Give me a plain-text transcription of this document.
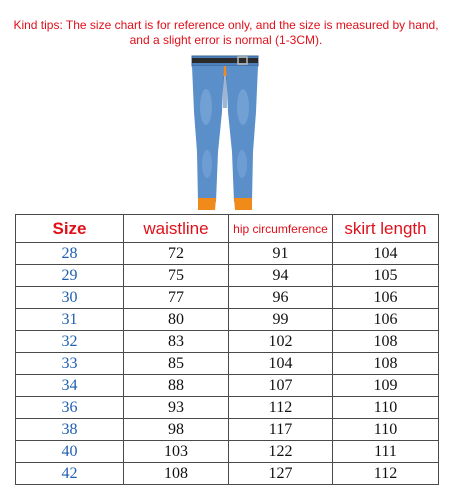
Kind tips: The size chart is for reference only, and the size is measured by hand,
and a slight error is normal (1-3CM).
Size	waistline	hip circumference	skirt length
28	72	91	104
29	75	94	105
30	77	96	106
31	80	99	106
32	83	102	108
33	85	104	108
34	88	107	109
36	93	112	110
38	98	117	110
40	103	122	111
42	108	127	112
